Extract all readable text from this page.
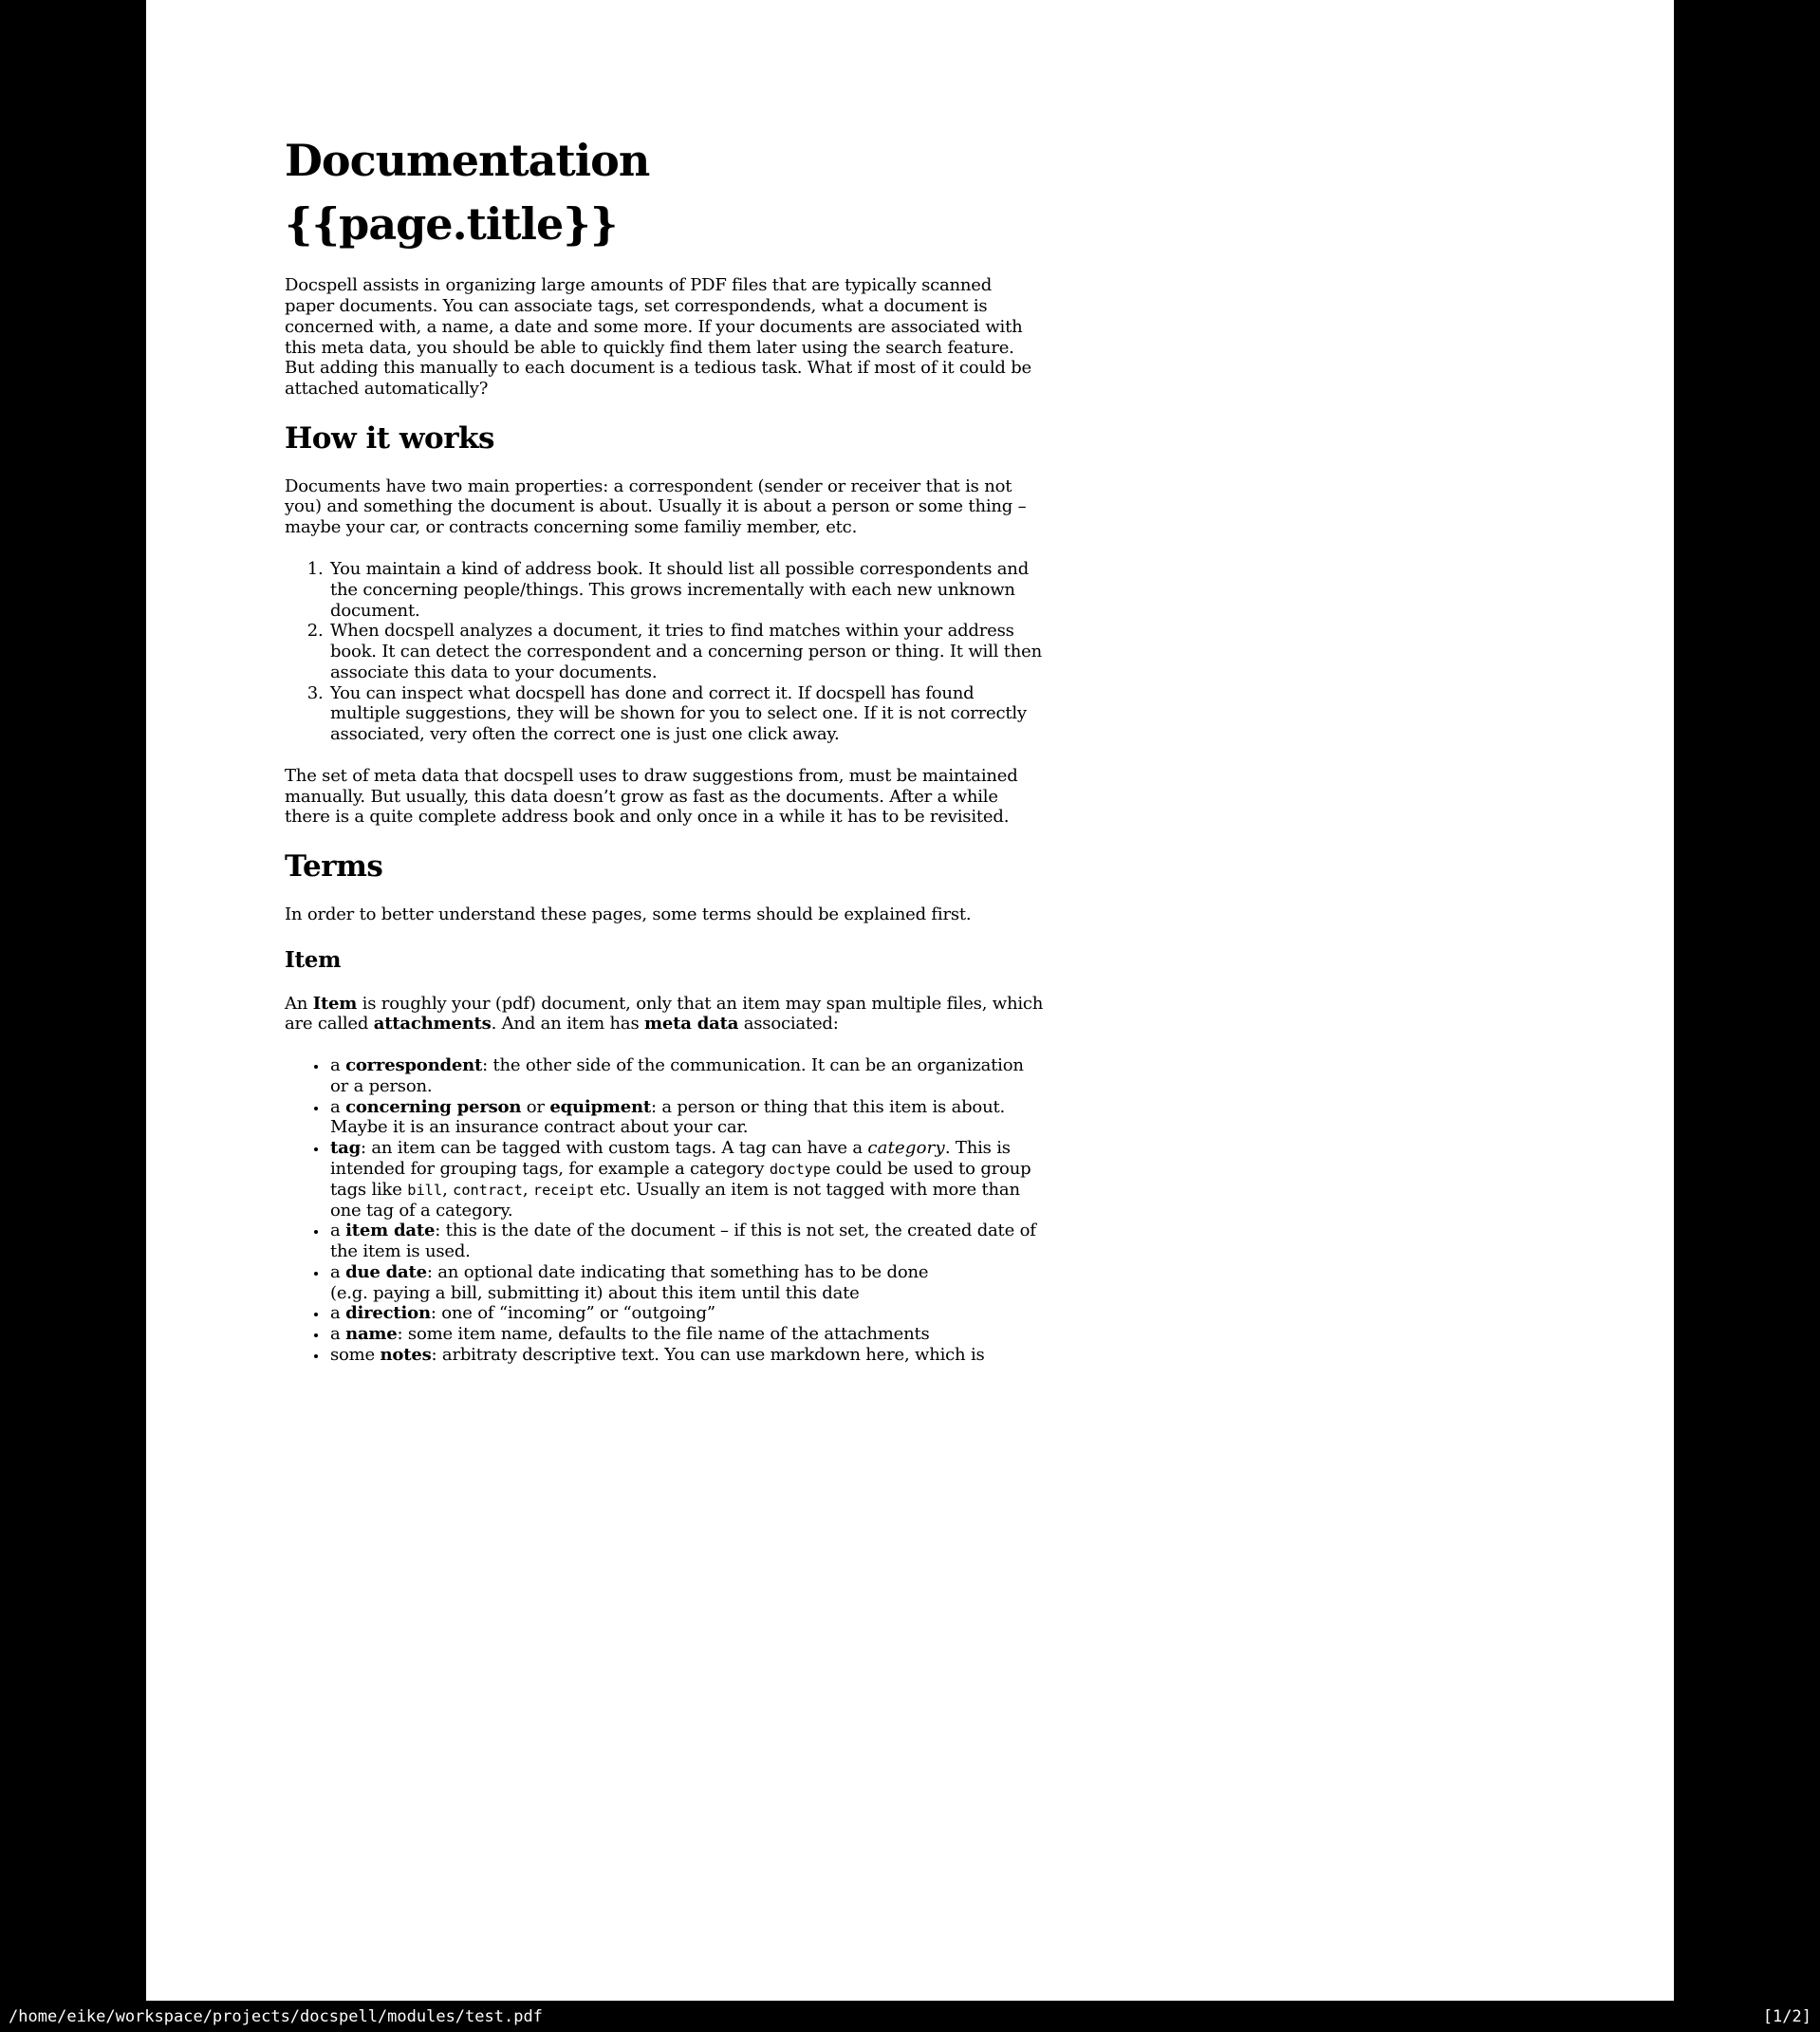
Documentation
{{page.title}}

Docspell assists in organizing large amounts of PDF files that are typically scanned paper documents. You can associate tags, set correspondends, what a document is concerned with, a name, a date and some more. If your documents are associated with this meta data, you should be able to quickly find them later using the search feature. But adding this manually to each document is a tedious task. What if most of it could be attached automatically?

How it works

Documents have two main properties: a correspondent (sender or receiver that is not you) and something the document is about. Usually it is about a person or some thing – maybe your car, or contracts concerning some familiy member, etc.

1. You maintain a kind of address book. It should list all possible correspondents and the concerning people/things. This grows incrementally with each new unknown document.
2. When docspell analyzes a document, it tries to find matches within your address book. It can detect the correspondent and a concerning person or thing. It will then associate this data to your documents.
3. You can inspect what docspell has done and correct it. If docspell has found multiple suggestions, they will be shown for you to select one. If it is not correctly associated, very often the correct one is just one click away.

The set of meta data that docspell uses to draw suggestions from, must be maintained manually. But usually, this data doesn’t grow as fast as the documents. After a while there is a quite complete address book and only once in a while it has to be revisited.

Terms

In order to better understand these pages, some terms should be explained first.

Item

An Item is roughly your (pdf) document, only that an item may span multiple files, which are called attachments. And an item has meta data associated:

• a correspondent: the other side of the communication. It can be an organization or a person.
• a concerning person or equipment: a person or thing that this item is about. Maybe it is an insurance contract about your car.
• tag: an item can be tagged with custom tags. A tag can have a category. This is intended for grouping tags, for example a category doctype could be used to group tags like bill, contract, receipt etc. Usually an item is not tagged with more than one tag of a category.
• a item date: this is the date of the document – if this is not set, the created date of the item is used.
• a due date: an optional date indicating that something has to be done
(e.g. paying a bill, submitting it) about this item until this date
• a direction: one of “incoming” or “outgoing”
• a name: some item name, defaults to the file name of the attachments
• some notes: arbitraty descriptive text. You can use markdown here, which is
/home/eike/workspace/projects/docspell/modules/test.pdf	[1/2]
